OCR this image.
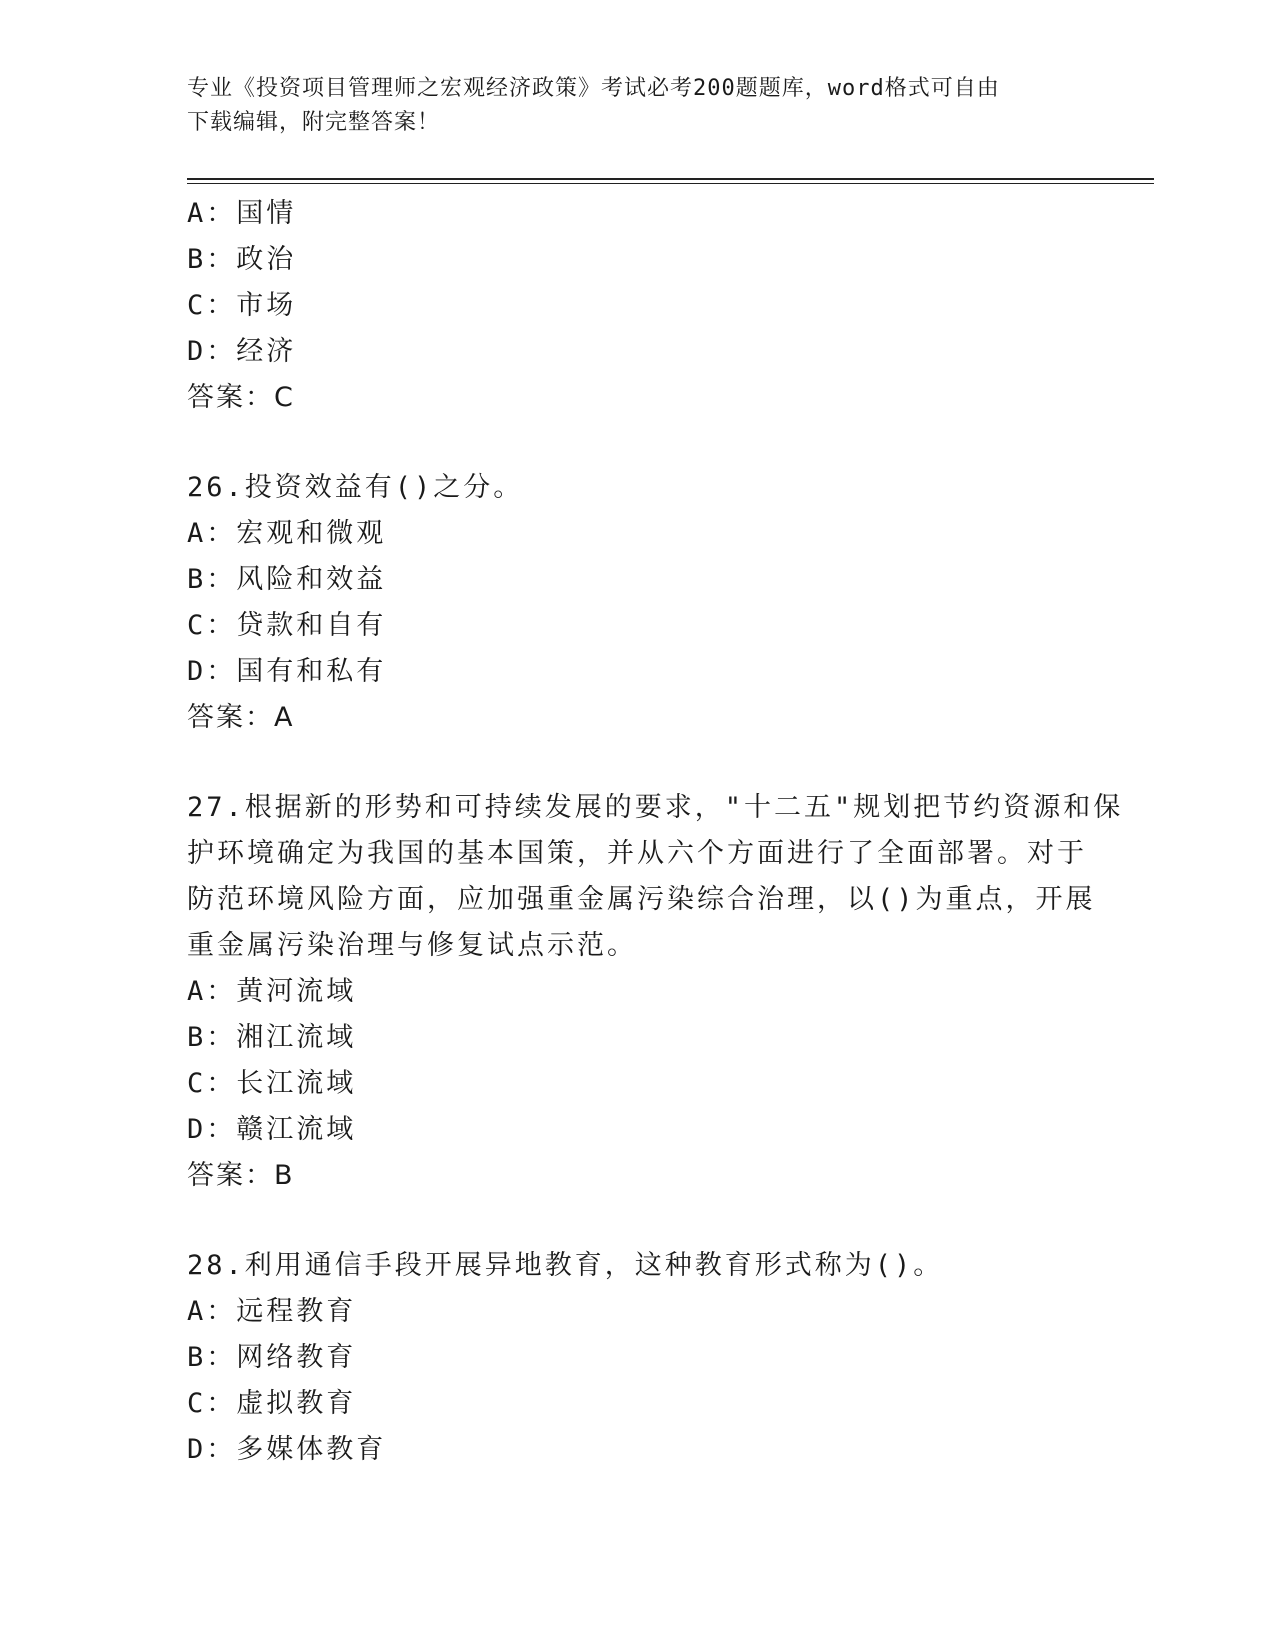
专业《投资项目管理师之宏观经济政策》考试必考200题题库，word格式可自由
下载编辑，附完整答案！
A：国情
B：政治
C：市场
D：经济
答案：C
26.投资效益有()之分。
A：宏观和微观
B：风险和效益
C：贷款和自有
D：国有和私有
答案：A
27.根据新的形势和可持续发展的要求，"十二五"规划把节约资源和保
护环境确定为我国的基本国策，并从六个方面进行了全面部署。对于
防范环境风险方面，应加强重金属污染综合治理，以()为重点，开展
重金属污染治理与修复试点示范。
A：黄河流域
B：湘江流域
C：长江流域
D：赣江流域
答案：B
28.利用通信手段开展异地教育，这种教育形式称为()。
A：远程教育
B：网络教育
C：虚拟教育
D：多媒体教育
